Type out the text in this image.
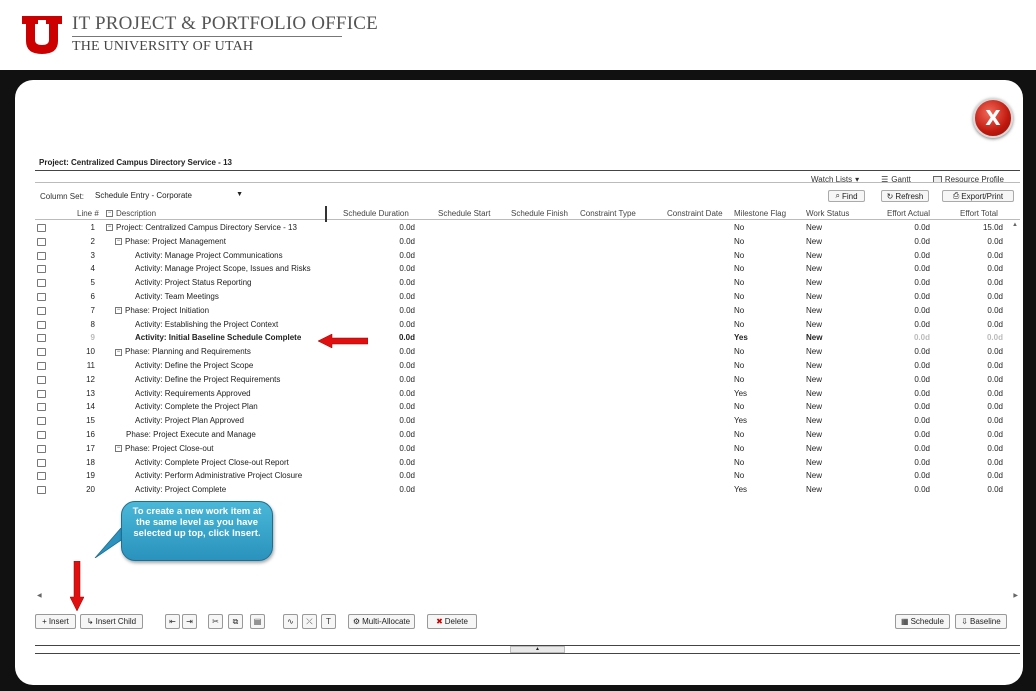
IT PROJECT & PORTFOLIO OFFICE
THE UNIVERSITY OF UTAH
X
Project: Centralized Campus Directory Service - 13
Watch Lists ▾	☰ Gantt	Resource Profile
Column Set: Schedule Entry - Corporate	▼	⌕ Find	↻ Refresh	⎙ Export/Print
Line # − Description	Schedule Duration	Schedule Start	Schedule Finish Constraint Type	Constraint Date Milestone Flag Work Status	Effort Actual	Effort Total
1	0.0d	No	New	0.0d	15.0d
− Project: Centralized Campus Directory Service - 13
2	0.0d	No	New	0.0d	0.0d
− Phase: Project Management
3	0.0d	No	New	0.0d	0.0d
Activity: Manage Project Communications
4	0.0d	No	New	0.0d	0.0d
Activity: Manage Project Scope, Issues and Risks
5	0.0d	No	New	0.0d	0.0d
Activity: Project Status Reporting
6	0.0d	No	New	0.0d	0.0d
Activity: Team Meetings
7	0.0d	No	New	0.0d	0.0d
− Phase: Project Initiation
8	0.0d	No	New	0.0d	0.0d
Activity: Establishing the Project Context
9	0.0d	Yes	New	0.0d	0.0d
Activity: Initial Baseline Schedule Complete
10	0.0d	No	New	0.0d	0.0d
− Phase: Planning and Requirements
11	0.0d	No	New	0.0d	0.0d
Activity: Define the Project Scope
12	0.0d	No	New	0.0d	0.0d
Activity: Define the Project Requirements
13	0.0d	Yes	New	0.0d	0.0d
Activity: Requirements Approved
14	0.0d	No	New	0.0d	0.0d
Activity: Complete the Project Plan
15	0.0d	Yes	New	0.0d	0.0d
Activity: Project Plan Approved
16	0.0d	No	New	0.0d	0.0d
Phase: Project Execute and Manage
17	0.0d	No	New	0.0d	0.0d
− Phase: Project Close-out
18	0.0d	No	New	0.0d	0.0d
Activity: Complete Project Close-out Report
19	0.0d	No	New	0.0d	0.0d
Activity: Perform Administrative Project Closure
20	0.0d	Yes	New	0.0d	0.0d
Activity: Project Complete
▲
◀	▶
To create a new work item at the same level as you have selected up top, click Insert.
+ Insert ↳ Insert Child	⇤	⇥	✂	⧉	▤	∿	⤫	T	⚙ Multi-Allocate	✖ Delete	▦ Schedule ⇩ Baseline
▲
